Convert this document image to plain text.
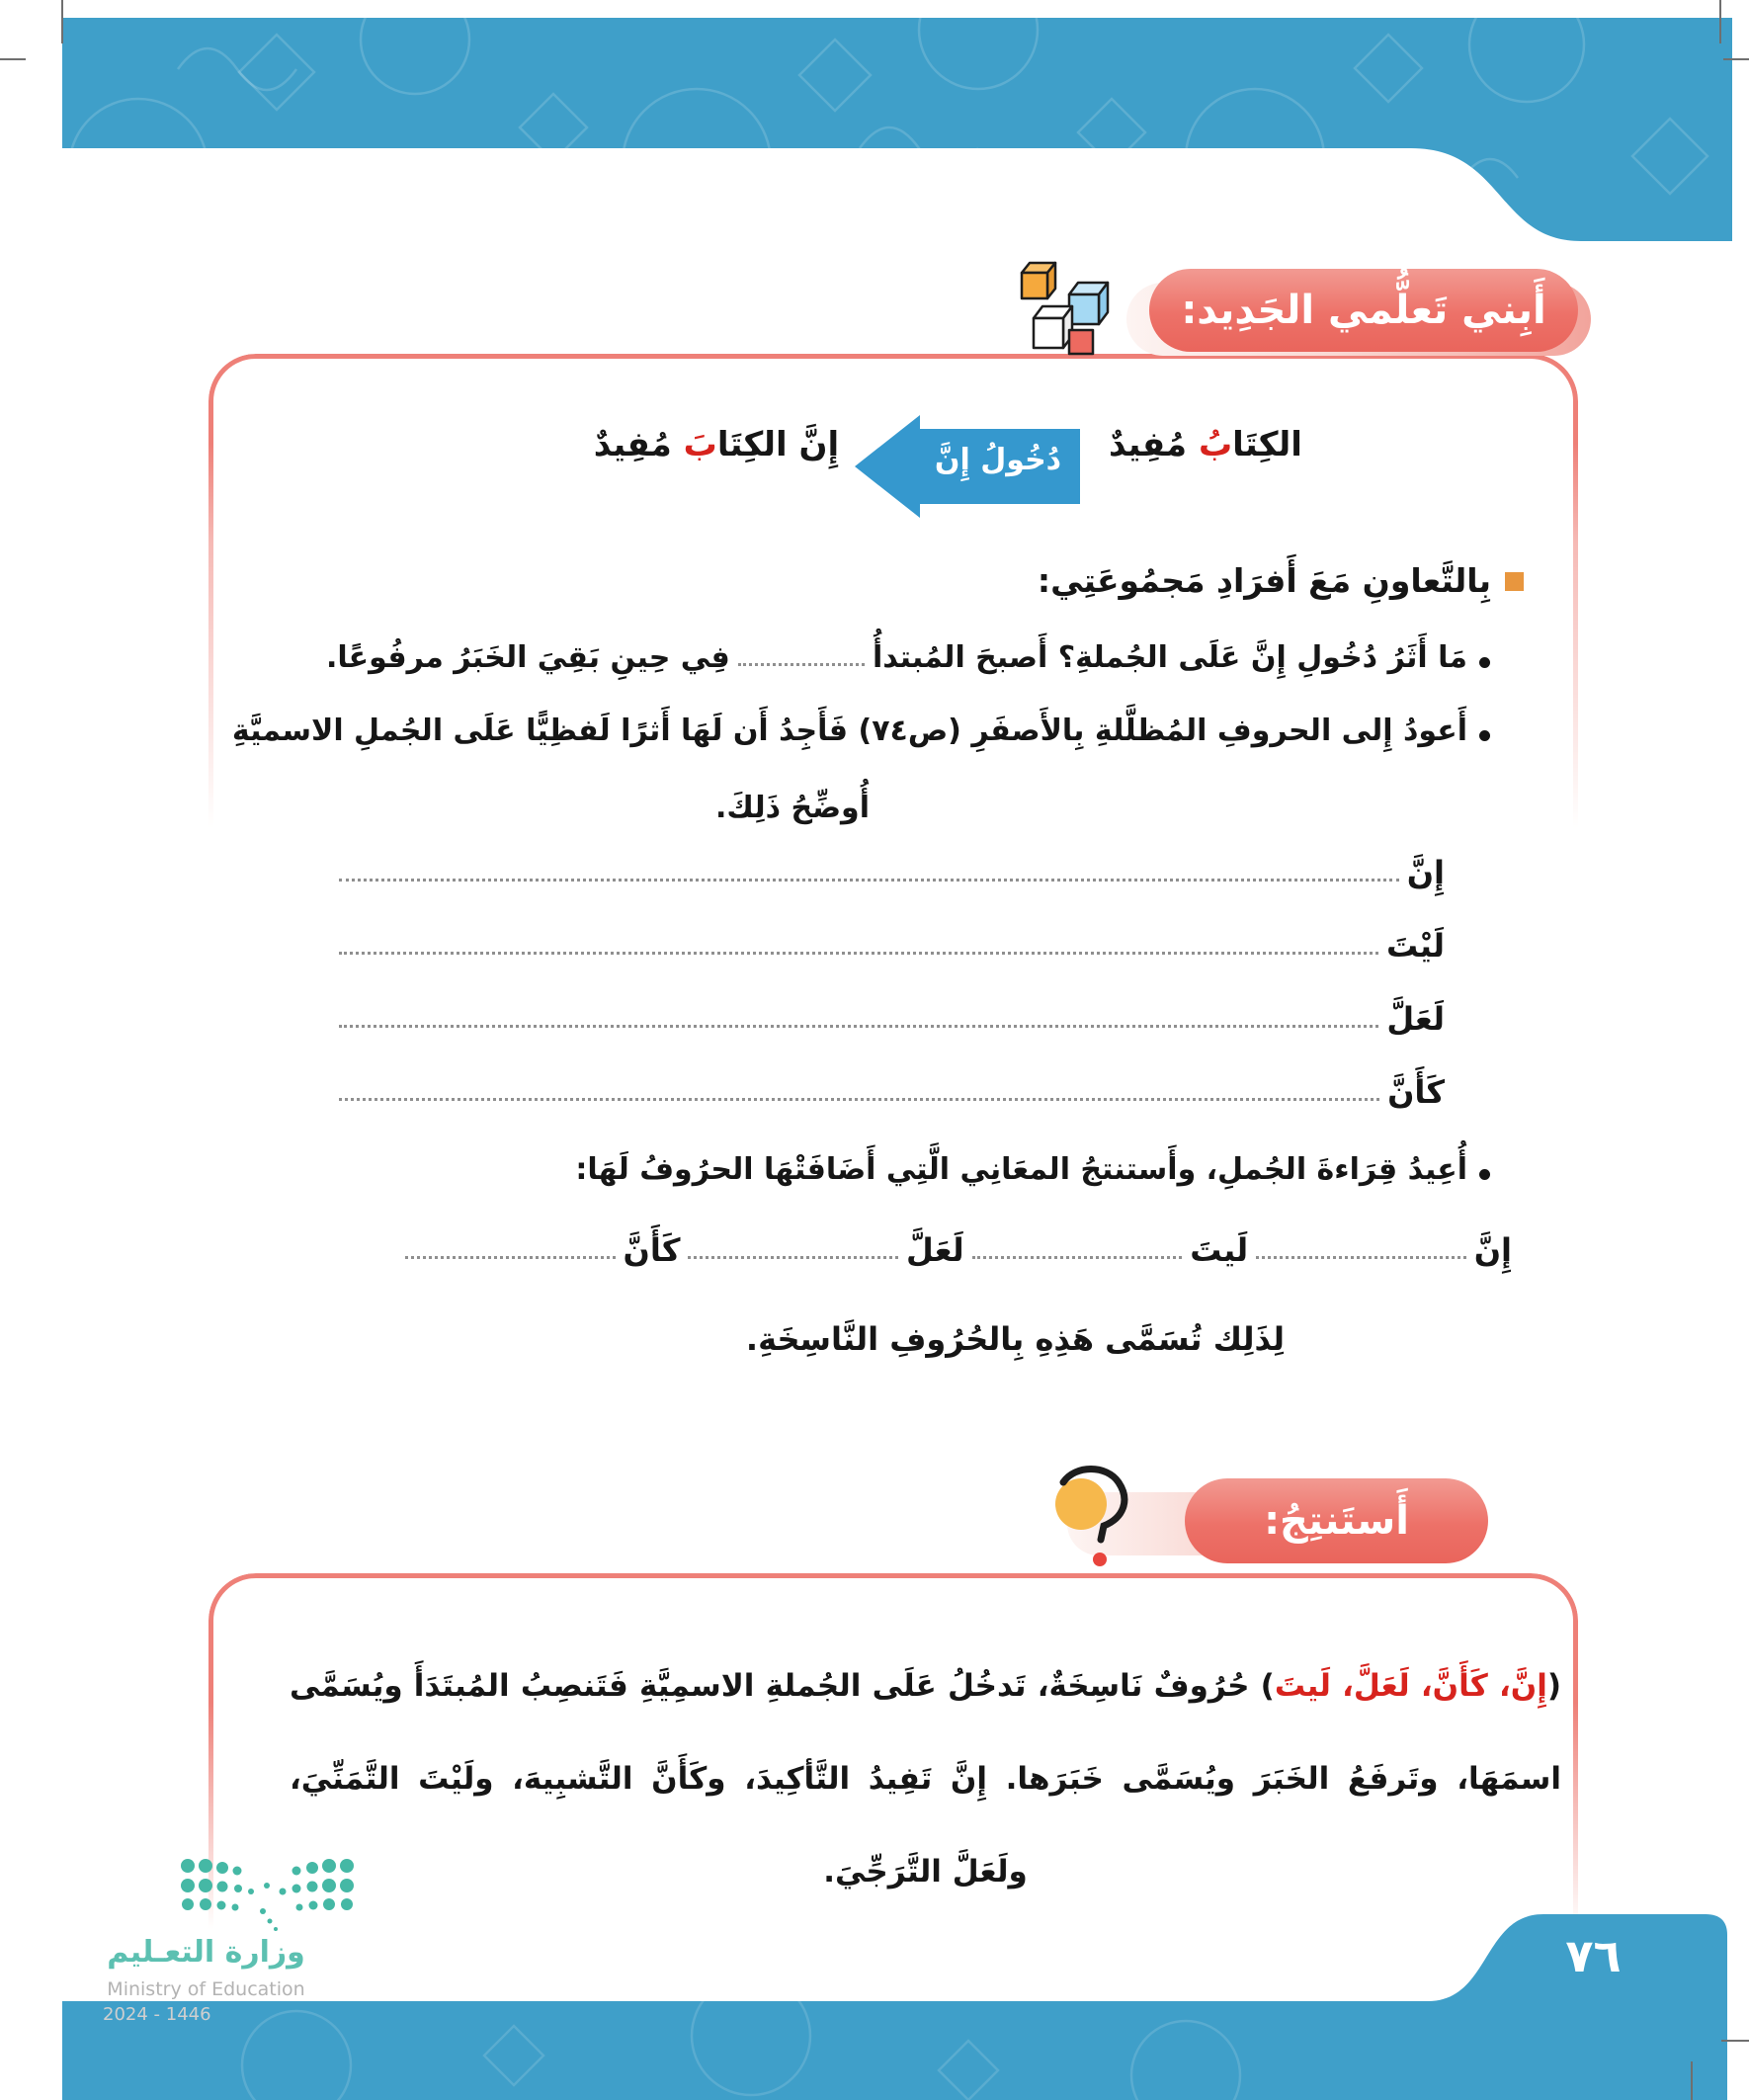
٧٦
وزارة التعـليم
Ministry of Education
2024 - 1446
أَبِني تَعلُّمي الجَدِيد:
الكِتَابُ مُفِيدٌ
دُخُولُ إِنَّ
إِنَّ الكِتَابَ مُفِيدٌ
بِالتَّعاونِ مَعَ أَفرَادِ مَجمُوعَتِي:
مَا أَثَرُ دُخُولِ إِنَّ عَلَى الجُملةِ؟ أَصبحَ المُبتدأُ
فِي حِينِ بَقِيَ الخَبَرُ مرفُوعًا.
أَعودُ إِلى الحروفِ المُظلَّلةِ بِالأَصفَرِ (ص٧٤) فَأَجِدُ أَن لَهَا أَثرًا لَفظِيًّا عَلَى الجُملِ الاسميَّةِ
أُوضِّحُ ذَلِكَ.
إِنَّ
لَيْتَ
لَعَلَّ
كَأَنَّ
أُعِيدُ قِرَاءةَ الجُملِ، وأَستنتجُ المعَانِي الَّتِي أَضَافَتْهَا الحرُوفُ لَهَا:
إِنَّ
لَيتَ
لَعَلَّ
كَأَنَّ
لِذَلِك تُسَمَّى هَذِهِ بِالحُرُوفِ النَّاسِخَةِ.
أَستَنتِجُ:

(إِنَّ، كَأَنَّ، لَعَلَّ، لَيتَ) حُرُوفٌ نَاسِخَةٌ، تَدخُلُ عَلَى الجُملةِ الاسمِيَّةِ فَتَنصِبُ المُبتَدَأَ ويُسَمَّى اسمَهَا، وتَرفَعُ الخَبَرَ ويُسَمَّى خَبَرَها. إِنَّ تَفِيدُ التَّأكِيدَ، وكَأَنَّ التَّشبِيهَ، ولَيْتَ التَّمَنِّيَ، ولَعَلَّ التَّرَجِّيَ.
